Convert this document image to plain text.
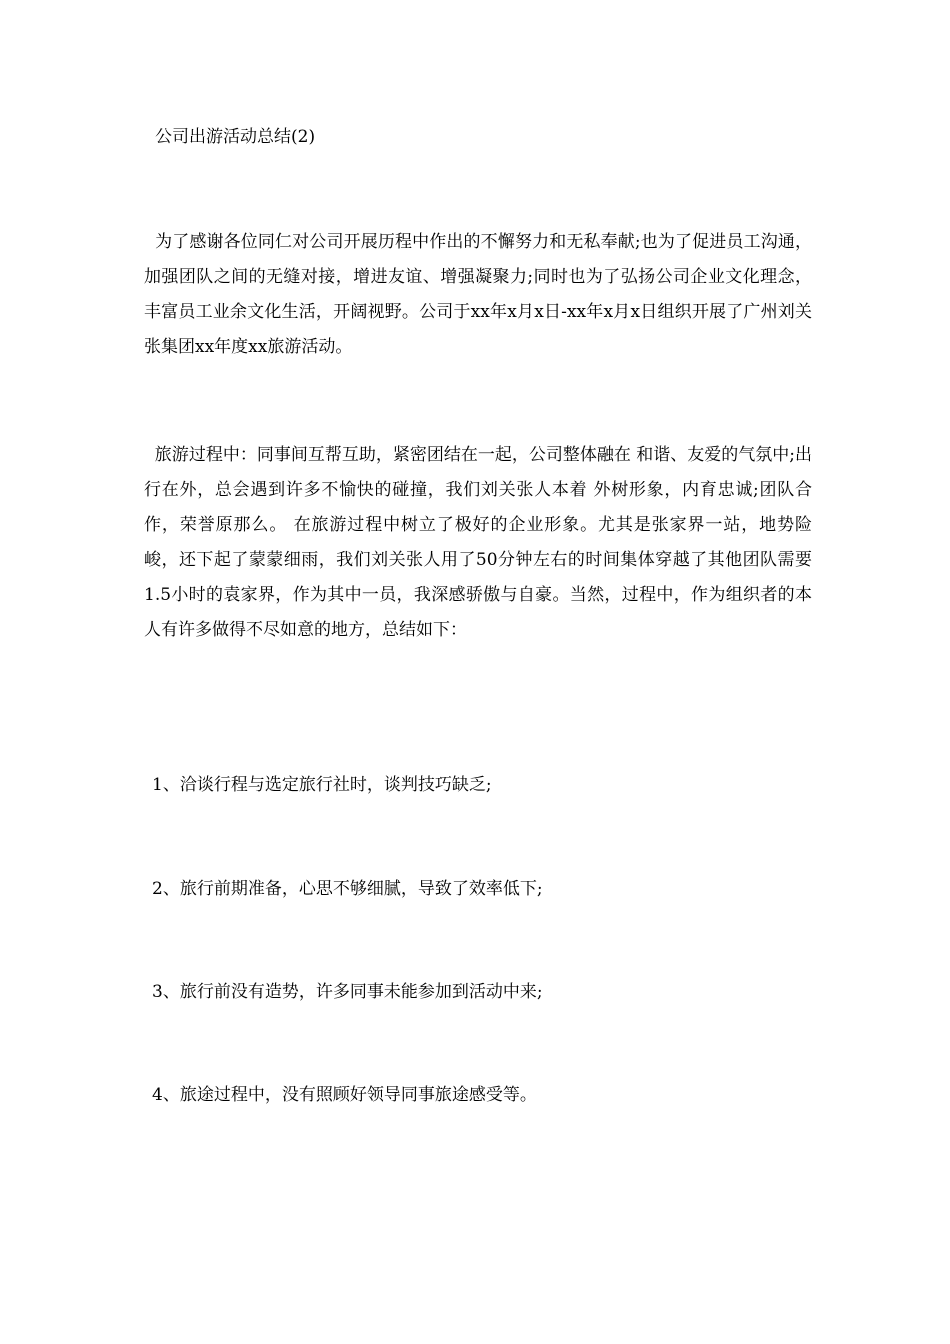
公司出游活动总结(2)

为了感谢各位同仁对公司开展历程中作出的不懈努力和无私奉献;也为了促进员工沟通，加强团队之间的无缝对接，增进友谊、增强凝聚力;同时也为了弘扬公司企业文化理念，丰富员工业余文化生活，开阔视野。公司于xx年x月x日-xx年x月x日组织开展了广州刘关张集团xx年度xx旅游活动。

旅游过程中：同事间互帮互助，紧密团结在一起，公司整体融在 和谐、友爱的气氛中;出行在外，总会遇到许多不愉快的碰撞，我们刘关张人本着 外树形象，内育忠诚;团队合作，荣誉原那么。 在旅游过程中树立了极好的企业形象。尤其是张家界一站，地势险峻，还下起了蒙蒙细雨，我们刘关张人用了50分钟左右的时间集体穿越了其他团队需要1.5小时的袁家界，作为其中一员，我深感骄傲与自豪。当然，过程中，作为组织者的本人有许多做得不尽如意的地方，总结如下：

1、洽谈行程与选定旅行社时，谈判技巧缺乏;
2、旅行前期准备，心思不够细腻，导致了效率低下;
3、旅行前没有造势，许多同事未能参加到活动中来;
4、旅途过程中，没有照顾好领导同事旅途感受等。
